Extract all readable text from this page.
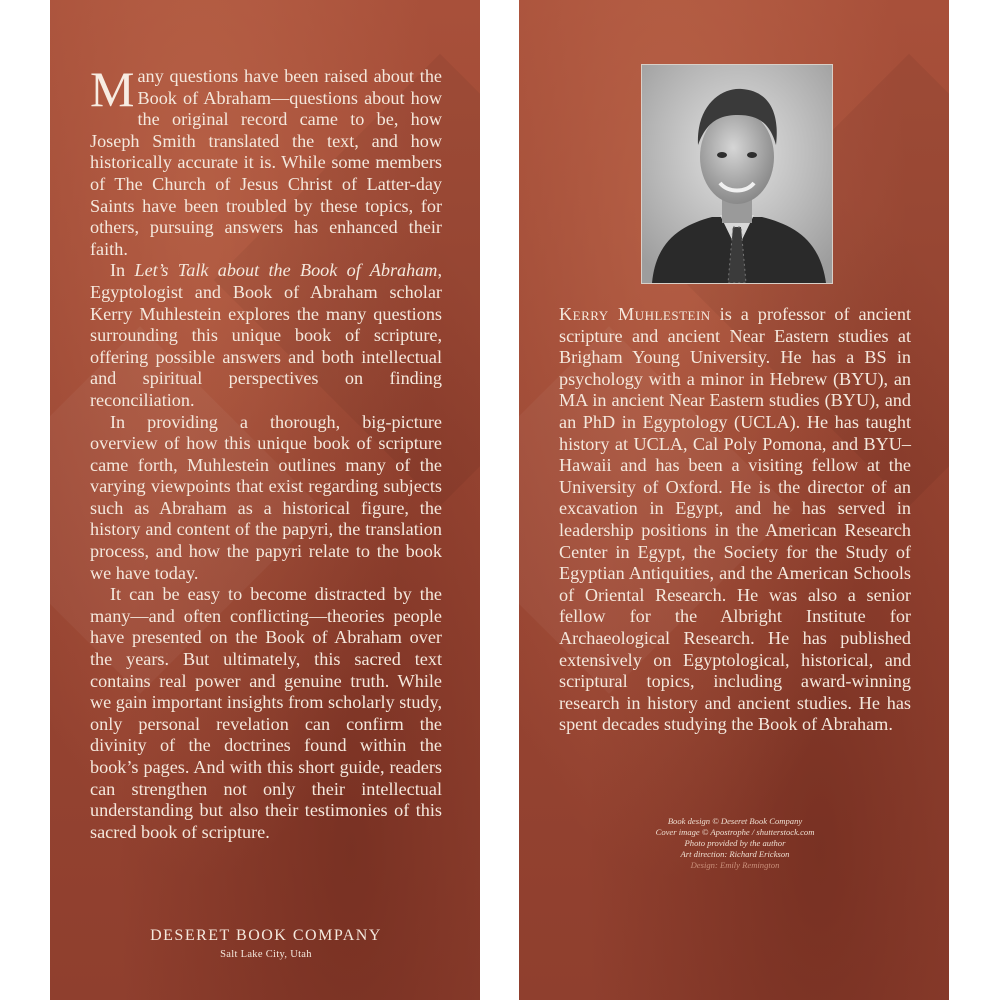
Many questions have been raised about the Book of Abraham—questions about how the original record came to be, how Joseph Smith translated the text, and how historically accurate it is. While some members of The Church of Jesus Christ of Latter-day Saints have been troubled by these topics, for others, pursuing answers has enhanced their faith.

In Let’s Talk about the Book of Abraham, Egyptologist and Book of Abraham scholar Kerry Muhlestein explores the many questions surrounding this unique book of scripture, offering possible answers and both intellectual and spiritual perspectives on finding reconciliation.

In providing a thorough, big-picture overview of how this unique book of scripture came forth, Muhlestein outlines many of the varying viewpoints that exist regarding subjects such as Abraham as a historical figure, the history and content of the papyri, the translation process, and how the papyri relate to the book we have today.

It can be easy to become distracted by the many—and often conflicting—theories people have presented on the Book of Abraham over the years. But ultimately, this sacred text contains real power and genuine truth. While we gain important insights from scholarly study, only personal revelation can confirm the divinity of the doctrines found within the book’s pages. And with this short guide, readers can strengthen not only their intellectual understanding but also their testimonies of this sacred book of scripture.

DESERET BOOK COMPANY
Salt Lake City, Utah

Kerry Muhlestein is a professor of ancient scripture and ancient Near Eastern studies at Brigham Young University. He has a BS in psychology with a minor in Hebrew (BYU), an MA in ancient Near Eastern studies (BYU), and an PhD in Egyptology (UCLA). He has taught history at UCLA, Cal Poly Pomona, and BYU–Hawaii and has been a visiting fellow at the University of Oxford. He is the director of an excavation in Egypt, and he has served in leadership positions in the American Research Center in Egypt, the Society for the Study of Egyptian Antiquities, and the American Schools of Oriental Research. He was also a senior fellow for the Albright Institute for Archaeological Research. He has published extensively on Egyptological, historical, and scriptural topics, including award-winning research in history and ancient studies. He has spent decades studying the Book of Abraham.

Book design © Deseret Book Company
Cover image © Apostrophe / shutterstock.com
Photo provided by the author
Art direction: Richard Erickson
Design: Emily Remington
